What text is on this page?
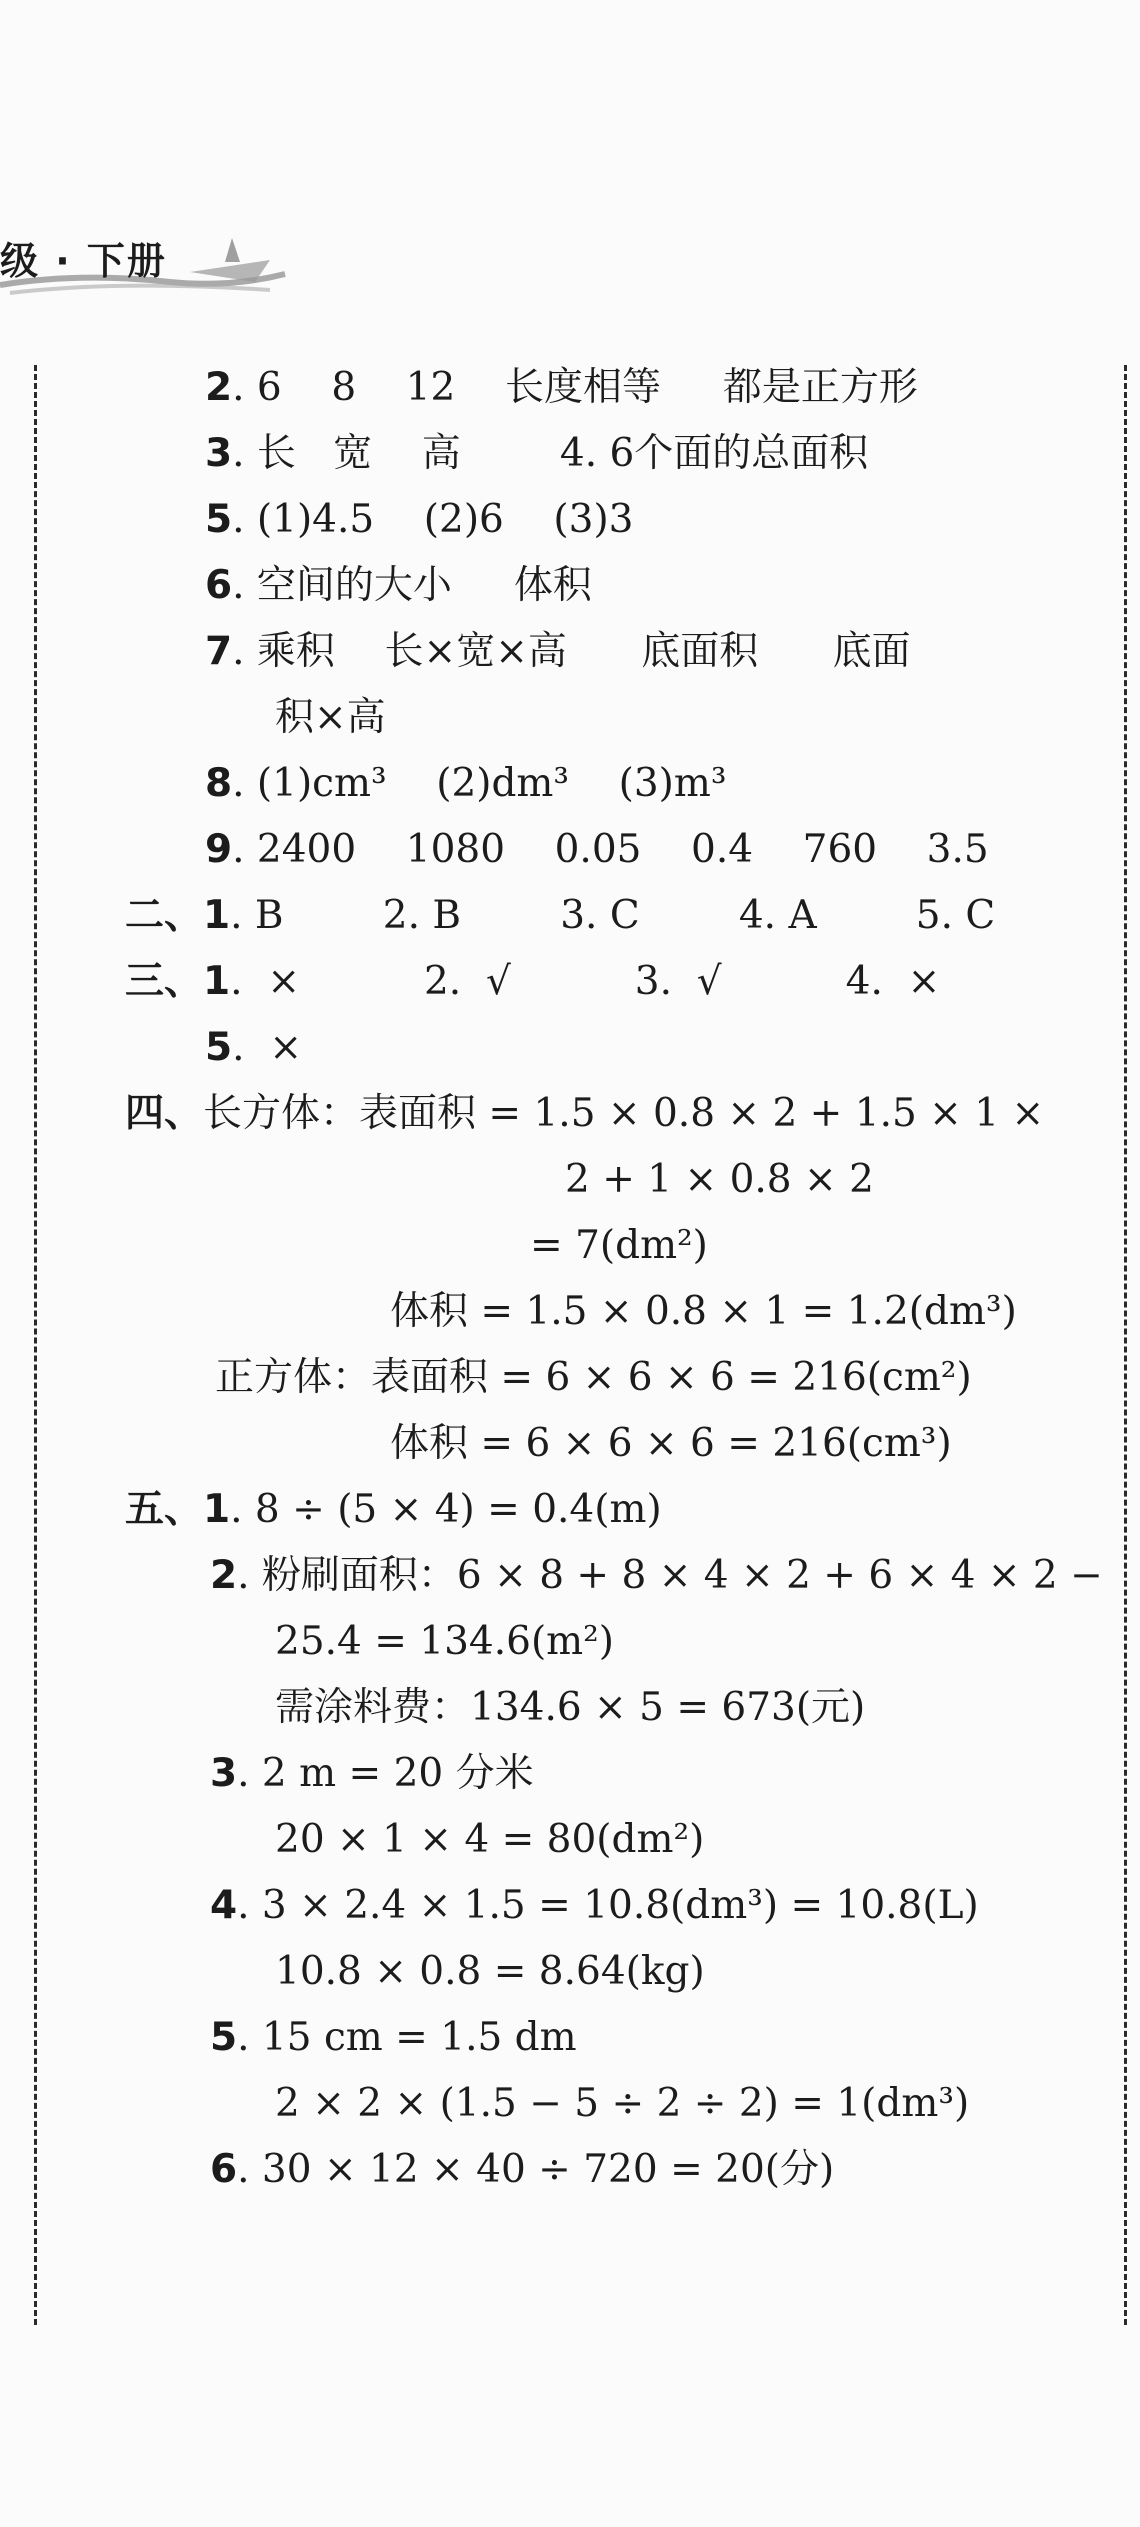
级 · 下册
2. 6    8    12    长度相等     都是正方形
3. 长   宽    高        4. 6个面的总面积
5. (1)4.5    (2)6    (3)3
6. 空间的大小     体积
7. 乘积    长×宽×高      底面积      底面
积×高
8. (1)cm³    (2)dm³    (3)m³
9. 2400    1080    0.05    0.4    760    3.5
二、1. B        2. B        3. C        4. A        5. C
三、1.  ×          2.  √          3.  √          4.  ×
5.  ×
四、长方体：表面积 = 1.5 × 0.8 × 2 + 1.5 × 1 ×
2 + 1 × 0.8 × 2
= 7(dm²)
体积 = 1.5 × 0.8 × 1 = 1.2(dm³)
正方体：表面积 = 6 × 6 × 6 = 216(cm²)
体积 = 6 × 6 × 6 = 216(cm³)
五、1. 8 ÷ (5 × 4) = 0.4(m)
2. 粉刷面积：6 × 8 + 8 × 4 × 2 + 6 × 4 × 2 −
25.4 = 134.6(m²)
需涂料费：134.6 × 5 = 673(元)
3. 2 m = 20 分米
20 × 1 × 4 = 80(dm²)
4. 3 × 2.4 × 1.5 = 10.8(dm³) = 10.8(L)
10.8 × 0.8 = 8.64(kg)
5. 15 cm = 1.5 dm
2 × 2 × (1.5 − 5 ÷ 2 ÷ 2) = 1(dm³)
6. 30 × 12 × 40 ÷ 720 = 20(分)
